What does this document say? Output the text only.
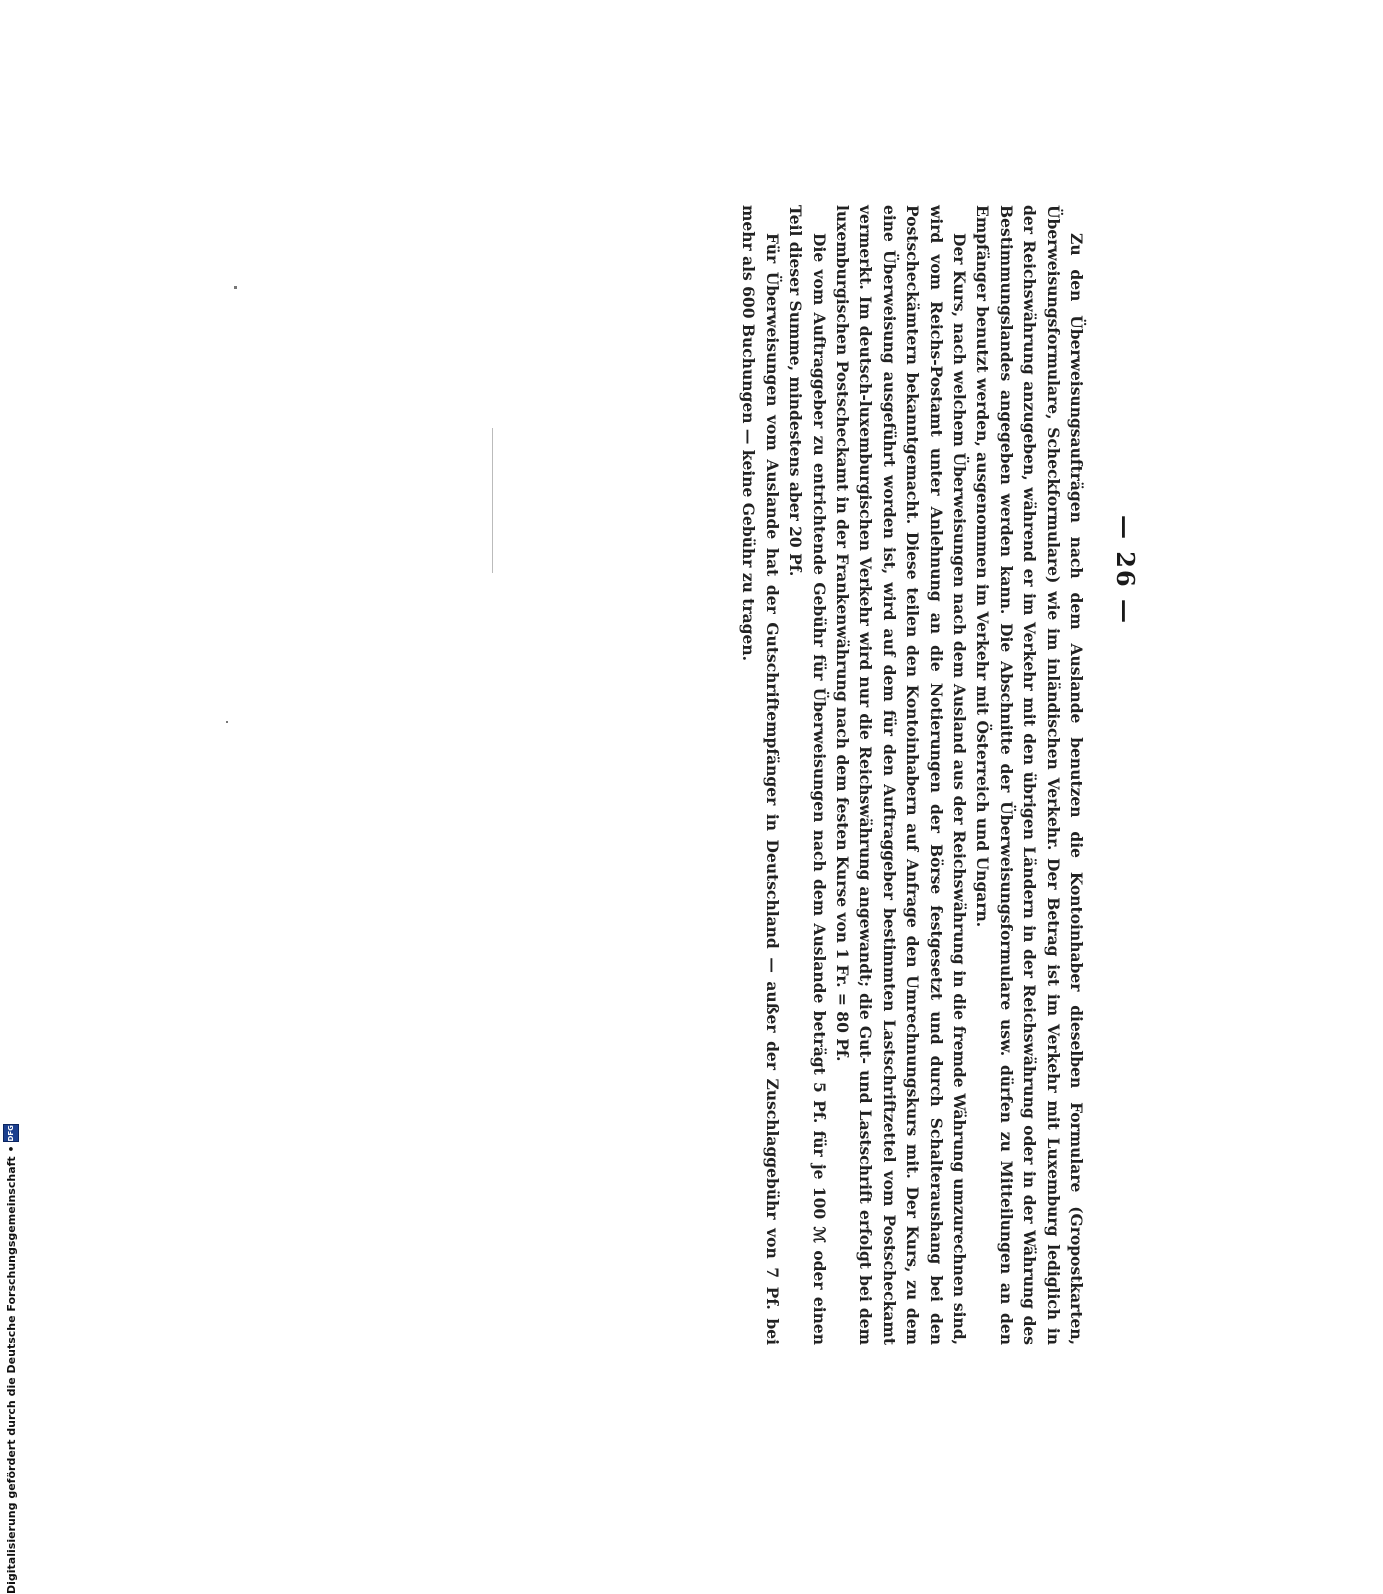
— 26 —

Zu den Überweisungsaufträgen nach dem Auslande benutzen die Kontoinhaber dieselben Formulare (Gropostkarten, Überweisungsformulare, Scheckformulare) wie im inländischen Verkehr. Der Betrag ist im Verkehr mit Luxemburg lediglich in der Reichswährung anzugeben, während er im Verkehr mit den übrigen Ländern in der Reichswährung oder in der Währung des Bestimmungslandes angegeben werden kann. Die Abschnitte der Überweisungsformulare usw. dürfen zu Mitteilungen an den Empfänger benutzt werden, ausgenommen im Verkehr mit Österreich und Ungarn.

Der Kurs, nach welchem Überweisungen nach dem Ausland aus der Reichswährung in die fremde Währung umzurechnen sind, wird vom Reichs-Postamt unter Anlehnung an die Notierungen der Börse festgesetzt und durch Schalteraushang bei den Postscheckämtern bekanntgemacht. Diese teilen den Kontoinhabern auf Anfrage den Umrechnungskurs mit. Der Kurs, zu dem eine Überweisung ausgeführt worden ist, wird auf dem für den Auftraggeber bestimmten Lastschriftzettel vom Postscheckamt vermerkt. Im deutsch-luxemburgischen Verkehr wird nur die Reichswährung angewandt; die Gut- und Lastschrift erfolgt bei dem luxemburgischen Postscheckamt in der Frankenwährung nach dem festen Kurse von 1 Fr. = 80 Pf.

Die vom Auftraggeber zu entrichtende Gebühr für Überweisungen nach dem Auslande beträgt 5 Pf. für je 100 ℳ oder einen Teil dieser Summe, mindestens aber 20 Pf.

Für Überweisungen vom Auslande hat der Gutschriftempfänger in Deutschland — außer der Zuschlaggebühr von 7 Pf. bei mehr als 600 Buchungen — keine Gebühr zu tragen.

Digitalisierung gefördert durch die Deutsche Forschungsgemeinschaft •
DFG
